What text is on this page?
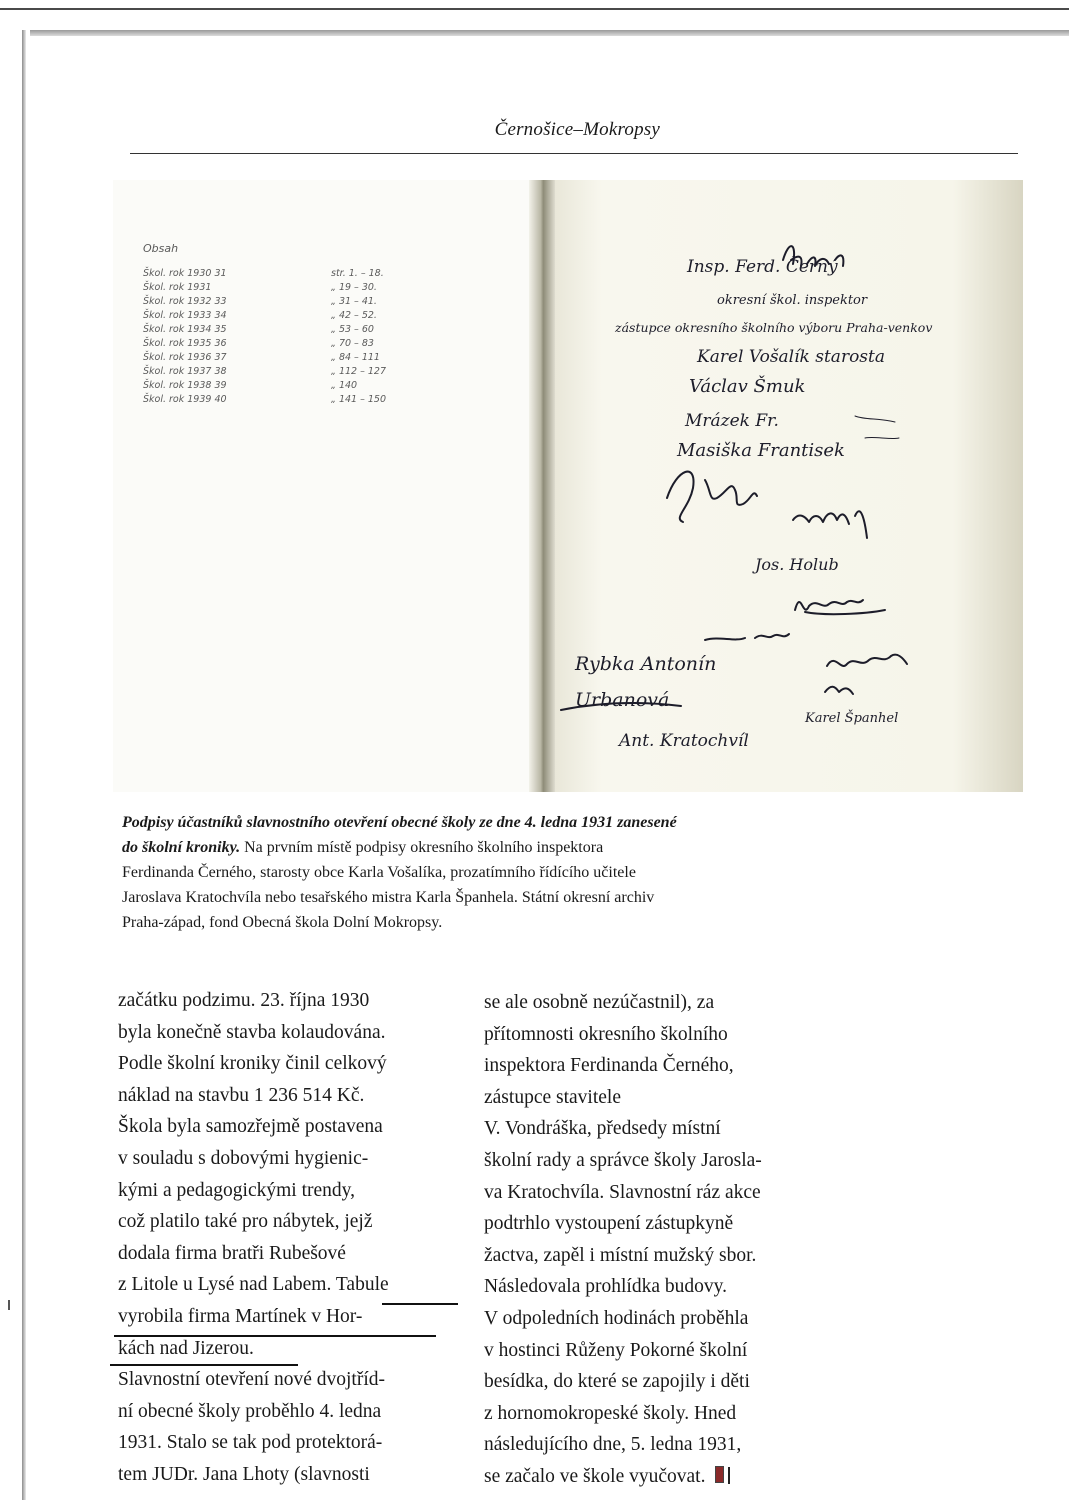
Černošice–Mokropsy
Obsah
Škol. rok 1930 31	str. 1. – 18.
Škol. rok 1931	„ 19 – 30.
Škol. rok 1932 33	„ 31 – 41.
Škol. rok 1933 34	„ 42 – 52.
Škol. rok 1934 35	„ 53 – 60
Škol. rok 1935 36	„ 70 – 83
Škol. rok 1936 37	„ 84 – 111
Škol. rok 1937 38	„ 112 – 127
Škol. rok 1938 39	„ 140
Škol. rok 1939 40	„ 141 – 150
Insp. Ferd. Černý
okresní škol. inspektor
zástupce okresního školního výboru Praha-venkov
Karel Vošalík starosta
Václav Šmuk
Mrázek Fr.
Masiška Frantisek
Jos. Holub
Rybka Antonín
Urbanová
Ant. Kratochvíl
Karel Španhel
Podpisy účastníků slavnostního otevření obecné školy ze dne 4. ledna 1931 zanesené
do školní kroniky. Na prvním místě podpisy okresního školního inspektora
Ferdinanda Černého, starosty obce Karla Vošalíka, prozatímního řídícího učitele
Jaroslava Kratochvíla nebo tesařského mistra Karla Španhela. Státní okresní archiv
Praha-západ, fond Obecná škola Dolní Mokropsy.
začátku podzimu. 23. října 1930
byla konečně stavba kolaudována.
Podle školní kroniky činil celkový
náklad na stavbu 1 236 514 Kč.
Škola byla samozřejmě postavena
v souladu s dobovými hygienic-
kými a pedagogickými trendy,
což platilo také pro nábytek, jejž
dodala firma bratři Rubešové
z Litole u Lysé nad Labem. Tabule
vyrobila firma Martínek v Hor-
kách nad Jizerou.
Slavnostní otevření nové dvojtříd-
ní obecné školy proběhlo 4. ledna
1931. Stalo se tak pod protektorá-
tem JUDr. Jana Lhoty (slavnosti
se ale osobně nezúčastnil), za
přítomnosti okresního školního
inspektora Ferdinanda Černého,
zástupce stavitele
V. Vondráška, předsedy místní
školní rady a správce školy Jarosla-
va Kratochvíla. Slavnostní ráz akce
podtrhlo vystoupení zástupkyně
žactva, zapěl i místní mužský sbor.
Následovala prohlídka budovy.
V odpoledních hodinách proběhla
v hostinci Růženy Pokorné školní
besídka, do které se zapojily i děti
z hornomokropeské školy. Hned
následujícího dne, 5. ledna 1931,
se začalo ve škole vyučovat.
